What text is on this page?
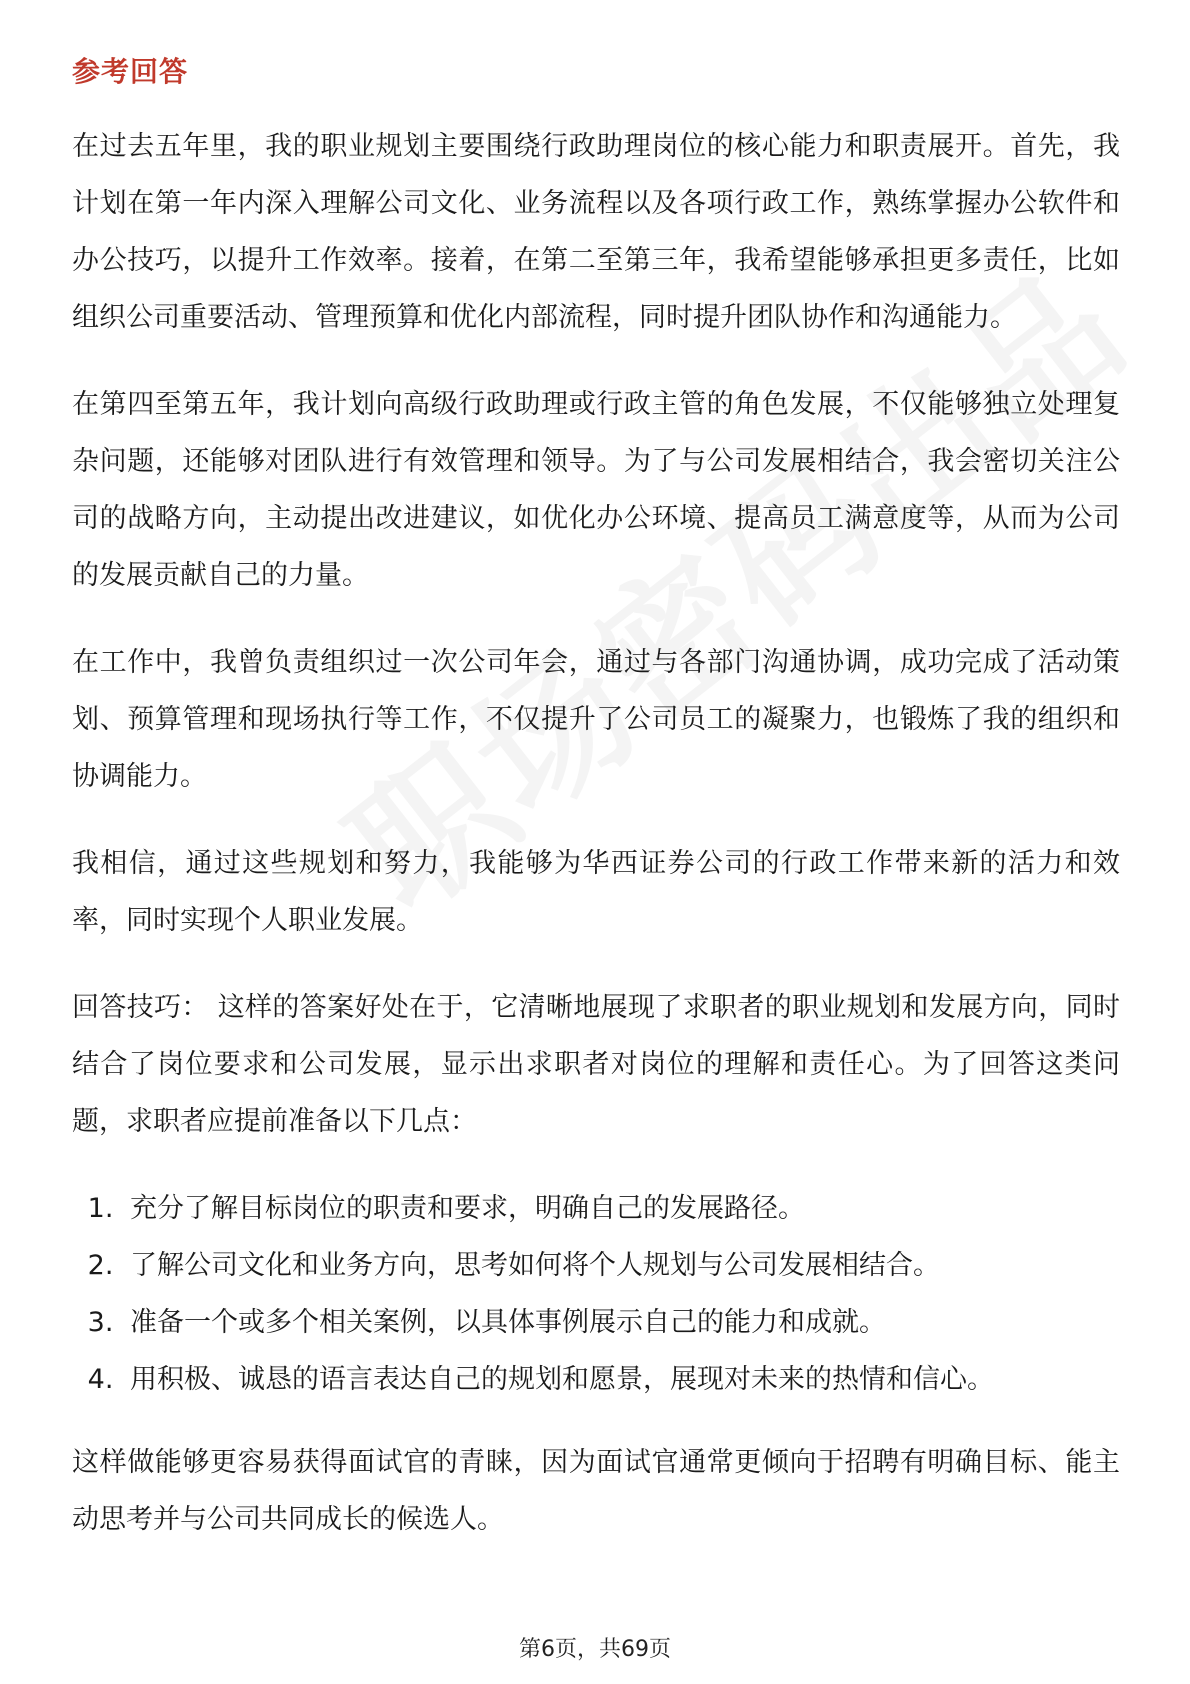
参考回答

在过去五年里，我的职业规划主要围绕行政助理岗位的核心能力和职责展开。首先，我计划在第一年内深入理解公司文化、业务流程以及各项行政工作，熟练掌握办公软件和办公技巧，以提升工作效率。接着，在第二至第三年，我希望能够承担更多责任，比如组织公司重要活动、管理预算和优化内部流程，同时提升团队协作和沟通能力。

在第四至第五年，我计划向高级行政助理或行政主管的角色发展，不仅能够独立处理复杂问题，还能够对团队进行有效管理和领导。为了与公司发展相结合，我会密切关注公司的战略方向，主动提出改进建议，如优化办公环境、提高员工满意度等，从而为公司的发展贡献自己的力量。

在工作中，我曾负责组织过一次公司年会，通过与各部门沟通协调，成功完成了活动策划、预算管理和现场执行等工作，不仅提升了公司员工的凝聚力，也锻炼了我的组织和协调能力。

我相信，通过这些规划和努力，我能够为华西证券公司的行政工作带来新的活力和效率，同时实现个人职业发展。

回答技巧： 这样的答案好处在于，它清晰地展现了求职者的职业规划和发展方向，同时结合了岗位要求和公司发展，显示出求职者对岗位的理解和责任心。为了回答这类问题，求职者应提前准备以下几点：

1. 充分了解目标岗位的职责和要求，明确自己的发展路径。
2. 了解公司文化和业务方向，思考如何将个人规划与公司发展相结合。
3. 准备一个或多个相关案例，以具体事例展示自己的能力和成就。
4. 用积极、诚恳的语言表达自己的规划和愿景，展现对未来的热情和信心。

这样做能够更容易获得面试官的青睐，因为面试官通常更倾向于招聘有明确目标、能主动思考并与公司共同成长的候选人。

第6页，共69页
